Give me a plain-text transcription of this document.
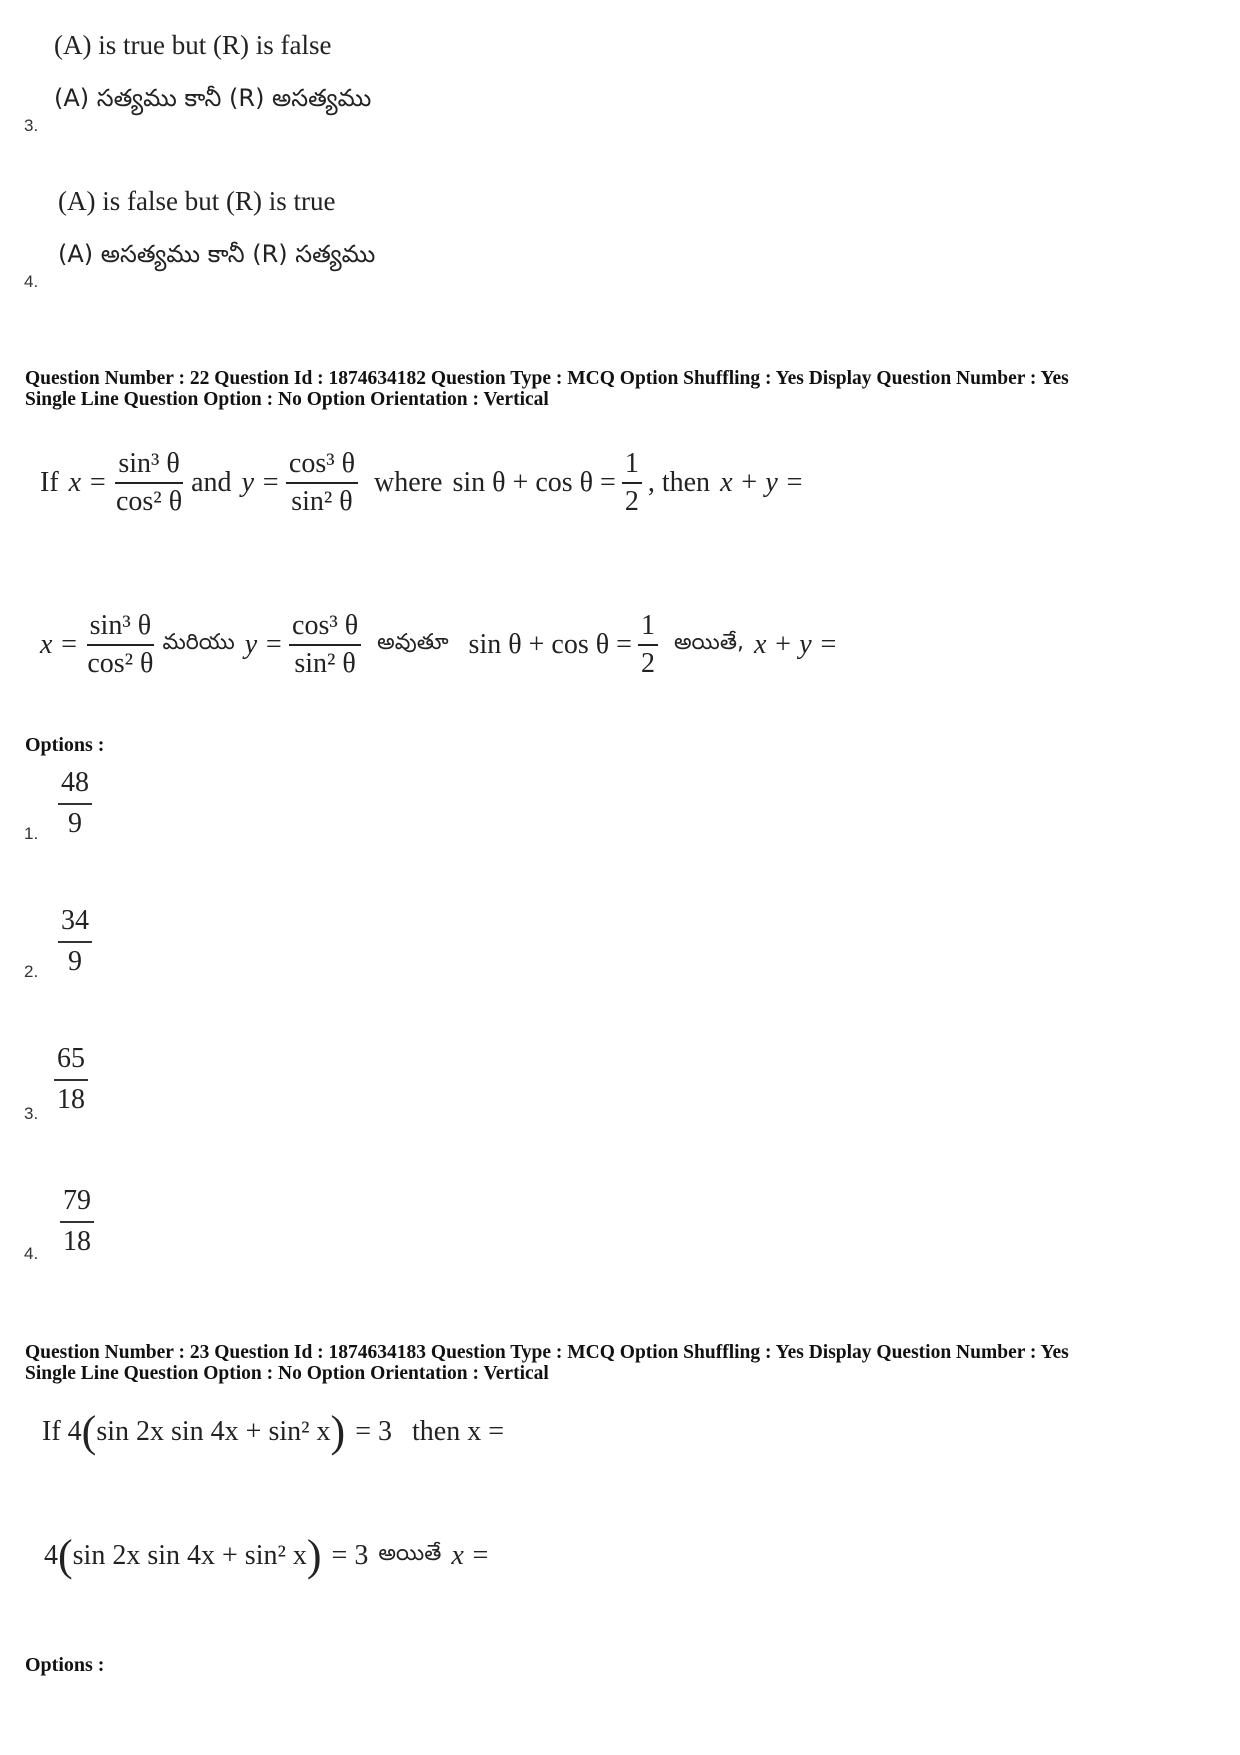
(A) is true but (R) is false
(A) సత్యము కానీ (R) అసత్యము
3.
(A) is false but (R) is true
(A) అసత్యము కానీ (R) సత్యము
4.
Question Number : 22 Question Id : 1874634182 Question Type : MCQ Option Shuffling : Yes Display Question Number : Yes
Single Line Question Option : No Option Orientation : Vertical
If $x = \frac{\text{sin³ θ}}{\text{cos² θ}}$ and $y = \frac{\text{cos³ θ}}{\text{sin² θ}}$ where $\sin \theta + \cos \theta = \frac{1}{2}$ , then x + y =
$x = \frac{\text{sin³ θ}}{\text{cos² θ}}$ మరియు $y = \frac{\text{cos³ θ}}{\text{sin² θ}}$ అవుతూ $\sin \theta + \cos \theta = \frac{1}{2}$ అయితే, x + y =
Options :
$\frac{48}{9}$
1.
$\frac{34}{9}$
2.
$\frac{65}{18}$
3.
$\frac{79}{18}$
4.
Question Number : 23 Question Id : 1874634183 Question Type : MCQ Option Shuffling : Yes Display Question Number : Yes
Single Line Question Option : No Option Orientation : Vertical
If 4 ( sin 2x sin 4x + sin² x ) = 3 then x =
4 ( sin 2x sin 4x + sin² x ) = 3 అయితే x =
Options :
